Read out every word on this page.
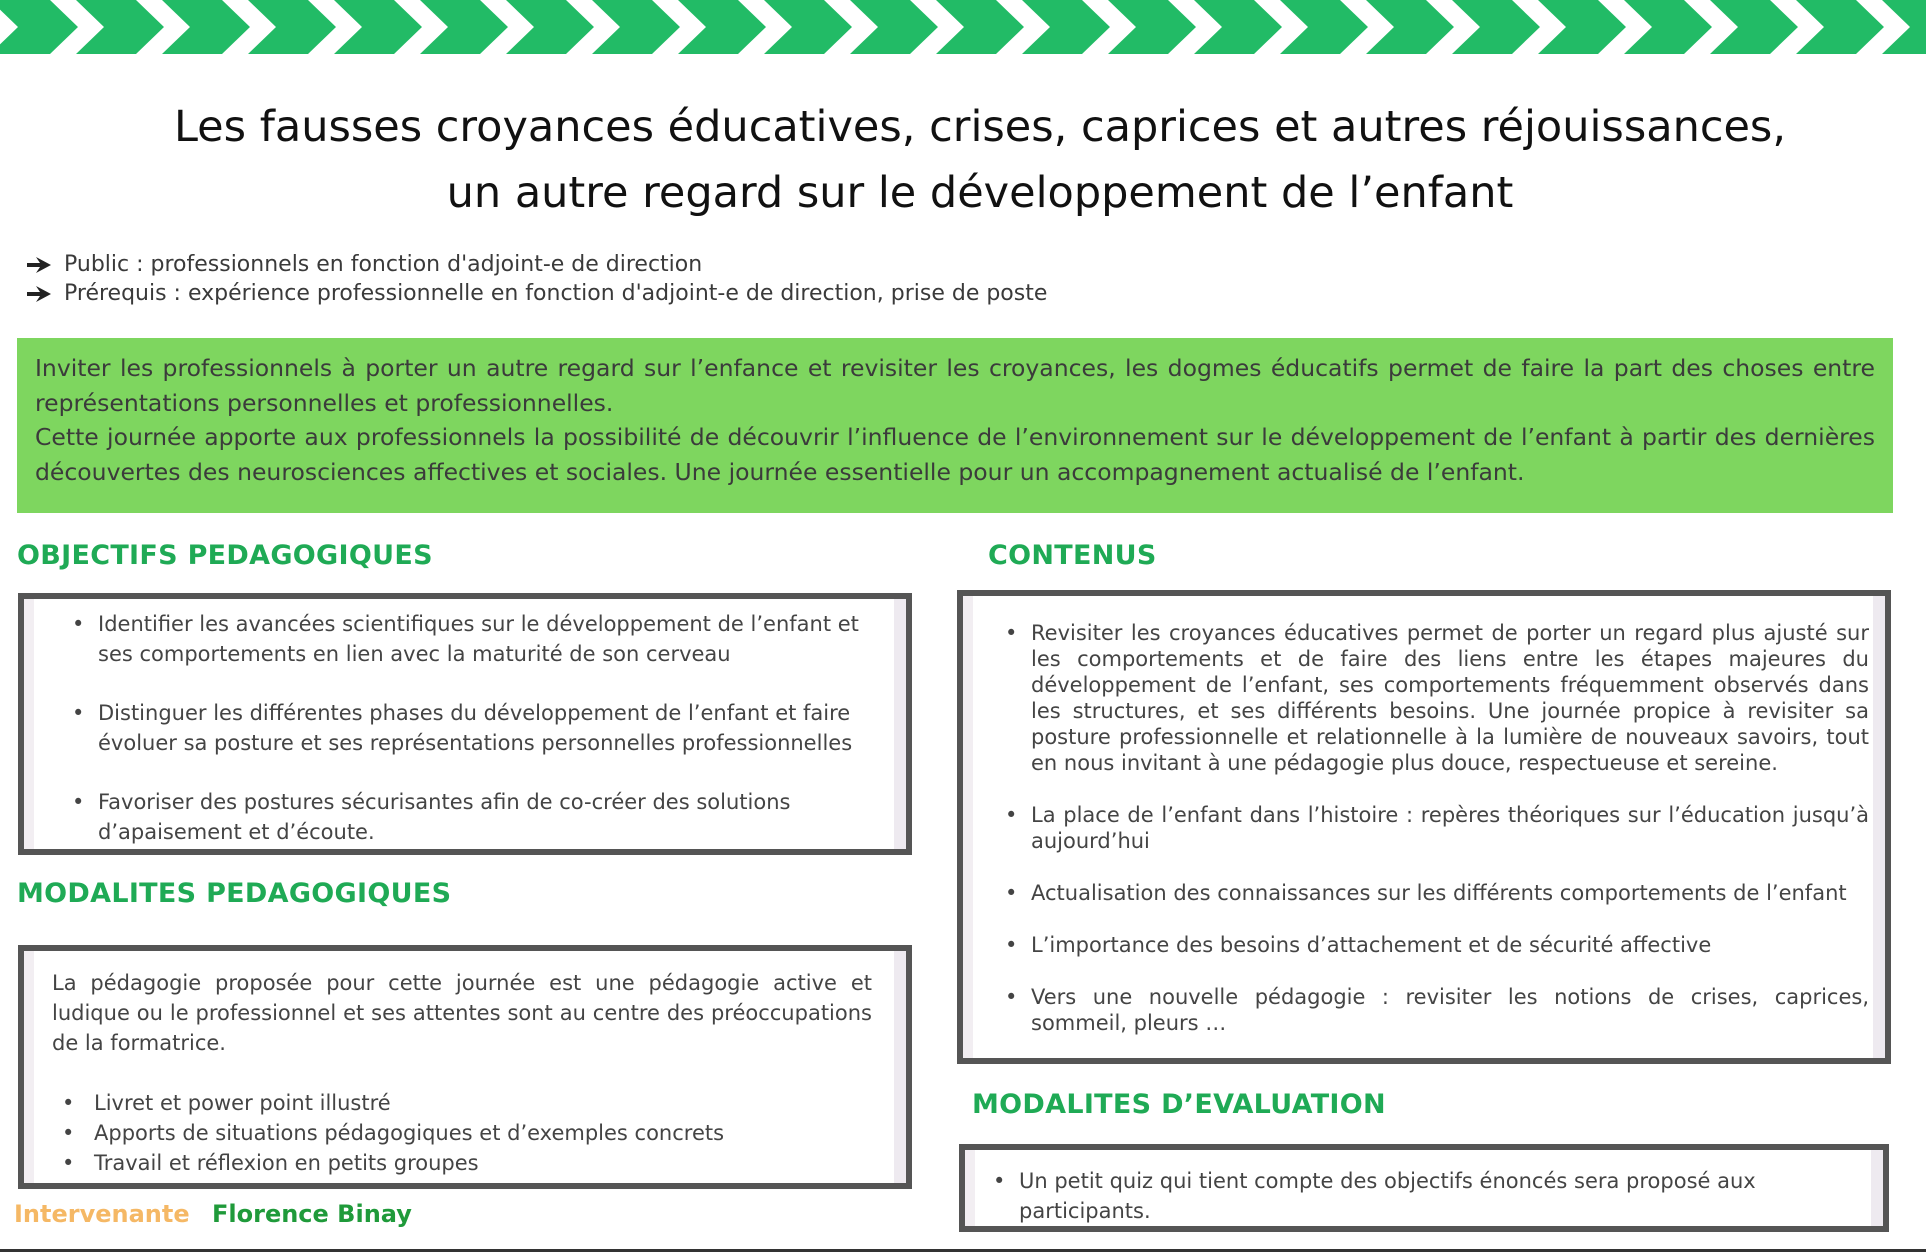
Les fausses croyances éducatives, crises, caprices et autres réjouissances,
un autre regard sur le développement de l’enfant
Public : professionnels en fonction d'adjoint-e de direction
Prérequis : expérience professionnelle en fonction d'adjoint-e de direction, prise de poste

Inviter les professionnels à porter un autre regard sur l’enfance et revisiter les croyances, les dogmes éducatifs permet de faire la part des choses entre représentations personnelles et professionnelles.

Cette journée apporte aux professionnels la possibilité de découvrir l’influence de l’environnement sur le développement de l’enfant à partir des dernières découvertes des neurosciences affectives et sociales. Une journée essentielle pour un accompagnement actualisé de l’enfant.

OBJECTIFS PEDAGOGIQUES
• Identifier les avancées scientifiques sur le développement de l’enfant et ses comportements en lien avec la maturité de son cerveau
• Distinguer les différentes phases du développement de l’enfant et faire évoluer sa posture et ses représentations personnelles professionnelles
• Favoriser des postures sécurisantes afin de co-créer des solutions d’apaisement et d’écoute.
MODALITES PEDAGOGIQUES

La pédagogie proposée pour cette journée est une pédagogie active et ludique ou le professionnel et ses attentes sont au centre des préoccupations de la formatrice.

• Livret et power point illustré
• Apports de situations pédagogiques et d’exemples concrets
• Travail et réflexion en petits groupes
CONTENUS
• Revisiter les croyances éducatives permet de porter un regard plus ajusté sur les comportements et de faire des liens entre les étapes majeures du développement de l’enfant, ses comportements fréquemment observés dans les structures, et ses différents besoins. Une journée propice à revisiter sa posture professionnelle et relationnelle à la lumière de nouveaux savoirs, tout en nous invitant à une pédagogie plus douce, respectueuse et sereine.
• La place de l’enfant dans l’histoire : repères théoriques sur l’éducation jusqu’à aujourd’hui
• Actualisation des connaissances sur les différents comportements de l’enfant
• L’importance des besoins d’attachement et de sécurité affective
• Vers une nouvelle pédagogie : revisiter les notions de crises, caprices, sommeil, pleurs …
MODALITES D’EVALUATION
• Un petit quiz qui tient compte des objectifs énoncés sera proposé aux participants.
Intervenante Florence Binay
